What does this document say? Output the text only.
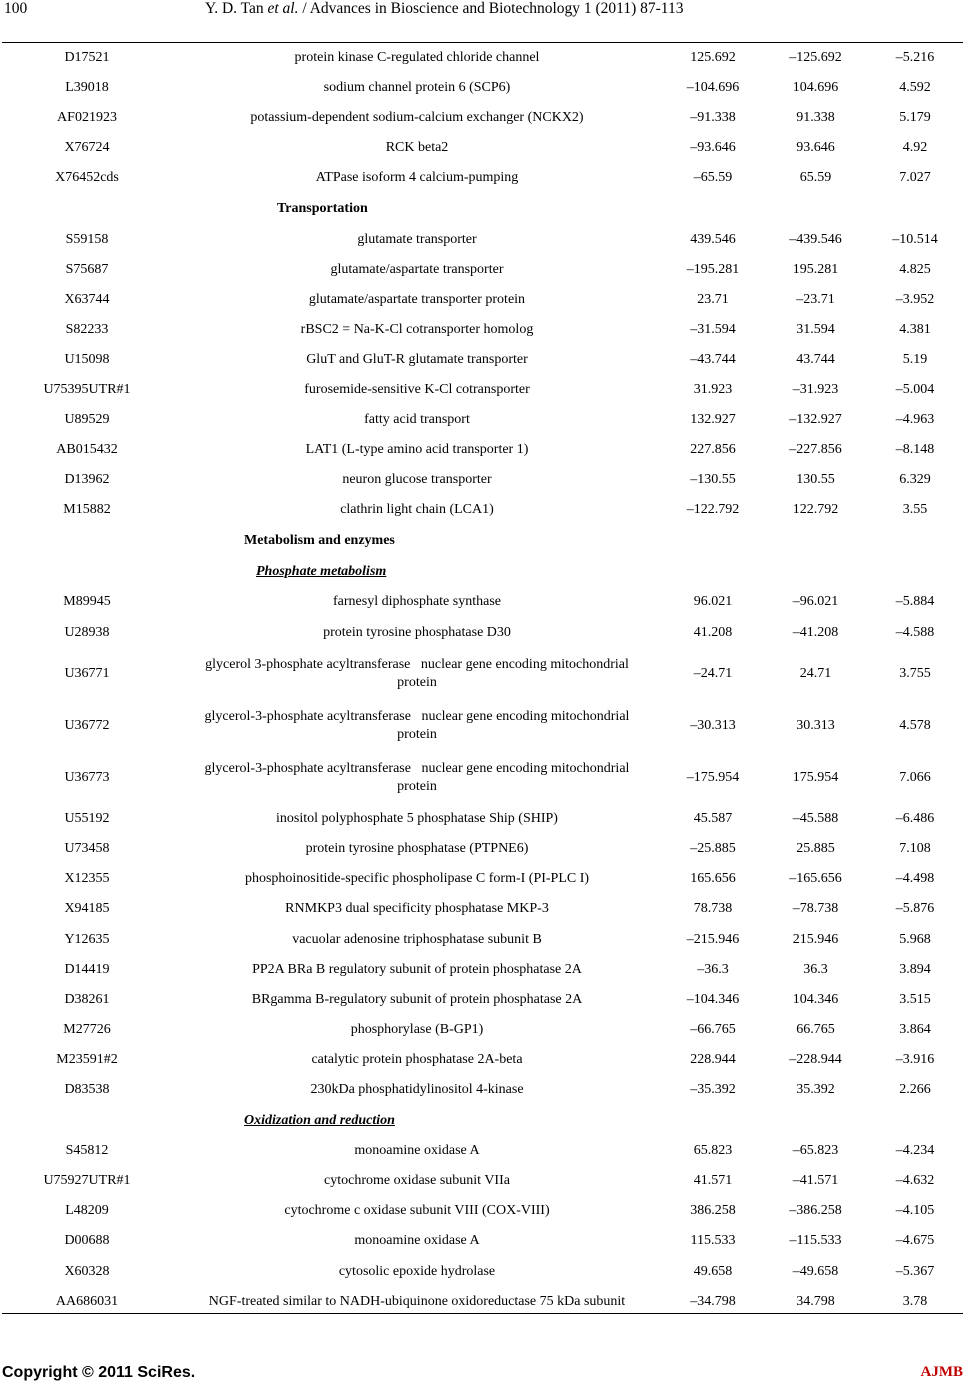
100	Y. D. Tan et al. / Advances in Bioscience and Biotechnology 1 (2011) 87-113
D17521	protein kinase C-regulated chloride channel	125.692	–125.692	–5.216
L39018	sodium channel protein 6 (SCP6)	–104.696	104.696	4.592
AF021923	potassium-dependent sodium-calcium exchanger (NCKX2)	–91.338	91.338	5.179
X76724	RCK beta2	–93.646	93.646	4.92
X76452cds	ATPase isoform 4 calcium-pumping	–65.59	65.59	7.027
Transportation				
S59158	glutamate transporter	439.546	–439.546	–10.514
S75687	glutamate/aspartate transporter	–195.281	195.281	4.825
X63744	glutamate/aspartate transporter protein	23.71	–23.71	–3.952
S82233	rBSC2 = Na-K-Cl cotransporter homolog	–31.594	31.594	4.381
U15098	GluT and GluT-R glutamate transporter	–43.744	43.744	5.19
U75395UTR#1	furosemide-sensitive K-Cl cotransporter	31.923	–31.923	–5.004
U89529	fatty acid transport	132.927	–132.927	–4.963
AB015432	LAT1 (L-type amino acid transporter 1)	227.856	–227.856	–8.148
D13962	neuron glucose transporter	–130.55	130.55	6.329
M15882	clathrin light chain (LCA1)	–122.792	122.792	3.55
Metabolism and enzymes				
Phosphate metabolism				
M89945	farnesyl diphosphate synthase	96.021	–96.021	–5.884
U28938	protein tyrosine phosphatase D30	41.208	–41.208	–4.588
U36771	glycerol 3-phosphate acyltransferase   nuclear gene encoding mitochondrial
protein	–24.71	24.71	3.755
U36772	glycerol-3-phosphate acyltransferase   nuclear gene encoding mitochondrial
protein	–30.313	30.313	4.578
U36773	glycerol-3-phosphate acyltransferase   nuclear gene encoding mitochondrial
protein	–175.954	175.954	7.066
U55192	inositol polyphosphate 5 phosphatase Ship (SHIP)	45.587	–45.588	–6.486
U73458	protein tyrosine phosphatase (PTPNE6)	–25.885	25.885	7.108
X12355	phosphoinositide-specific phospholipase C form-I (PI-PLC I)	165.656	–165.656	–4.498
X94185	RNMKP3 dual specificity phosphatase MKP-3	78.738	–78.738	–5.876
Y12635	vacuolar adenosine triphosphatase subunit B	–215.946	215.946	5.968
D14419	PP2A BRa B regulatory subunit of protein phosphatase 2A	–36.3	36.3	3.894
D38261	BRgamma B-regulatory subunit of protein phosphatase 2A	–104.346	104.346	3.515
M27726	phosphorylase (B-GP1)	–66.765	66.765	3.864
M23591#2	catalytic protein phosphatase 2A-beta	228.944	–228.944	–3.916
D83538	230kDa phosphatidylinositol 4-kinase	–35.392	35.392	2.266
Oxidization and reduction				
S45812	monoamine oxidase A	65.823	–65.823	–4.234
U75927UTR#1	cytochrome oxidase subunit VIIa	41.571	–41.571	–4.632
L48209	cytochrome c oxidase subunit VIII (COX-VIII)	386.258	–386.258	–4.105
D00688	monoamine oxidase A	115.533	–115.533	–4.675
X60328	cytosolic epoxide hydrolase	49.658	–49.658	–5.367
AA686031	NGF-treated similar to NADH-ubiquinone oxidoreductase 75 kDa subunit	–34.798	34.798	3.78
Copyright © 2011 SciRes.	AJMB
